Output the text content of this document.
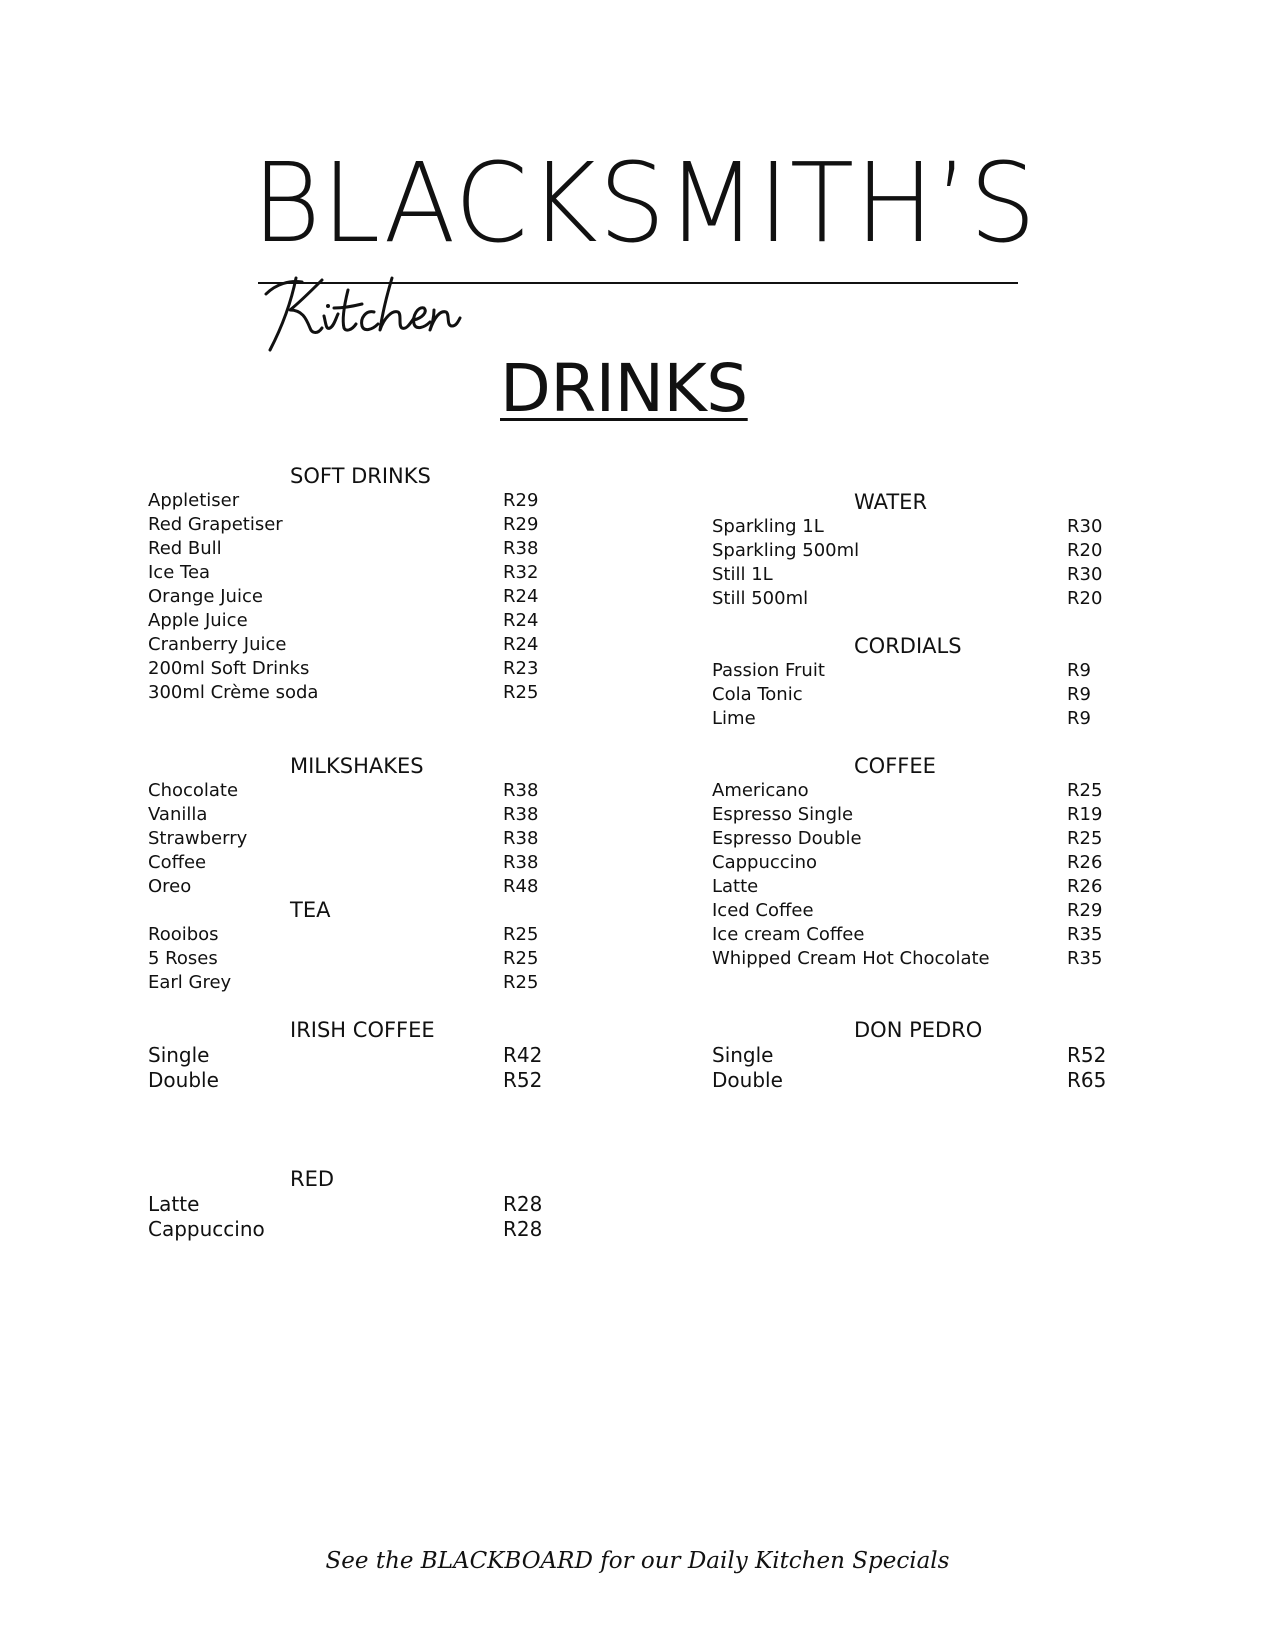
BLACKSMITH’S
DRINKS
SOFT DRINKS
Appletiser	R29
Red Grapetiser	R29
Red Bull	R38
Ice Tea	R32
Orange Juice	R24
Apple Juice	R24
Cranberry Juice	R24
200ml Soft Drinks	R23
300ml Crème soda	R25
MILKSHAKES
Chocolate	R38
Vanilla	R38
Strawberry	R38
Coffee	R38
Oreo	R48
TEA
Rooibos	R25
5 Roses	R25
Earl Grey	R25
IRISH COFFEE
Single	R42
Double	R52
RED
Latte	R28
Cappuccino	R28
WATER
Sparkling 1L	R30
Sparkling 500ml	R20
Still 1L	R30
Still 500ml	R20
CORDIALS
Passion Fruit	R9
Cola Tonic	R9
Lime	R9
COFFEE
Americano	R25
Espresso Single	R19
Espresso Double	R25
Cappuccino	R26
Latte	R26
Iced Coffee	R29
Ice cream Coffee	R35
Whipped Cream Hot Chocolate	R35
DON PEDRO
Single	R52
Double	R65
See the BLACKBOARD for our Daily Kitchen Specials
